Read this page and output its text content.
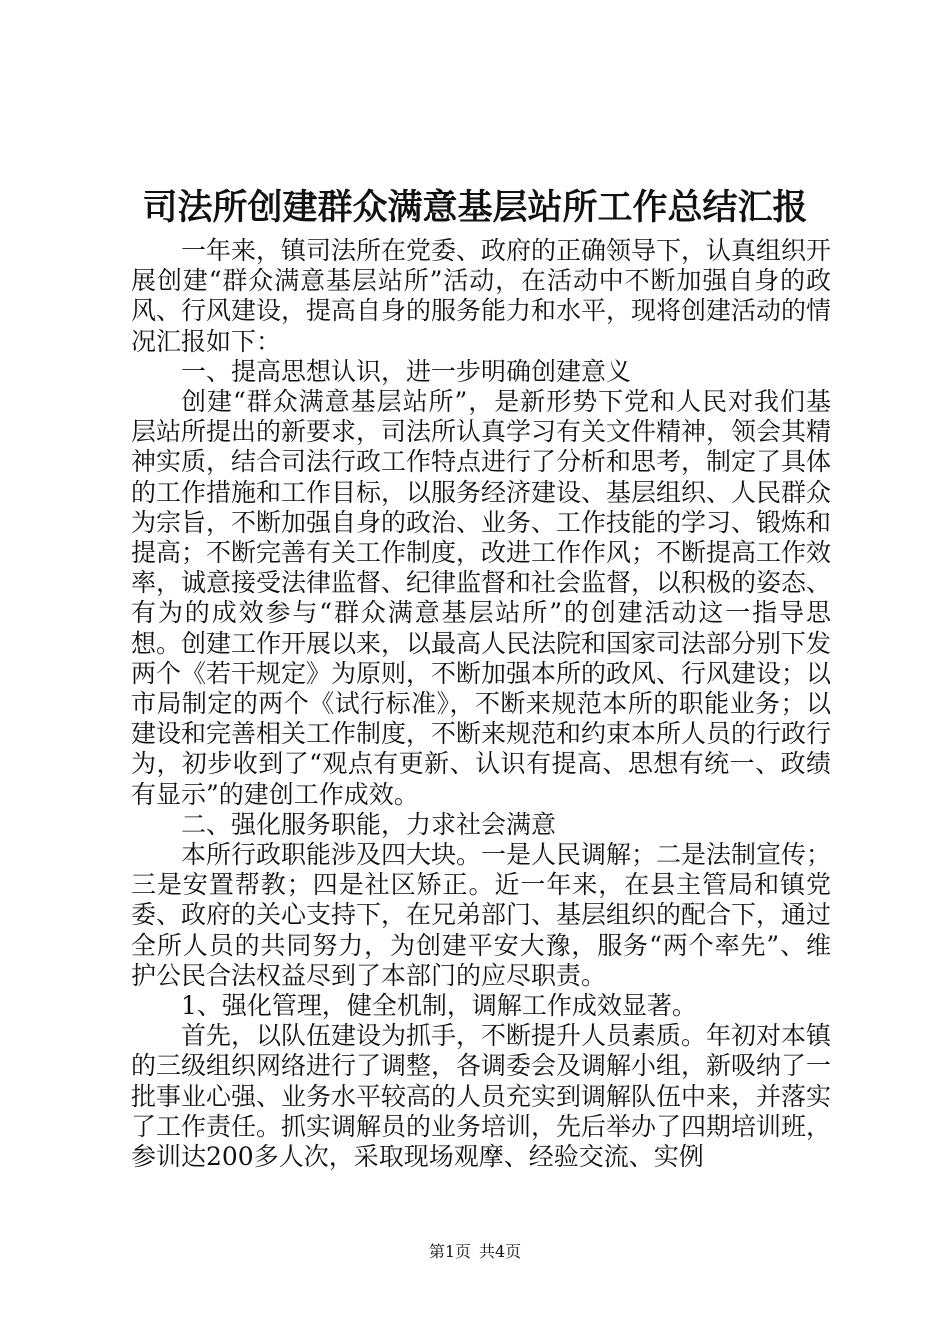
司法所创建群众满意基层站所工作总结汇报

一年来，镇司法所在党委、政府的正确领导下，认真组织开展创建“群众满意基层站所”活动，在活动中不断加强自身的政风、行风建设，提高自身的服务能力和水平，现将创建活动的情况汇报如下：

一、提高思想认识，进一步明确创建意义

创建“群众满意基层站所”，是新形势下党和人民对我们基层站所提出的新要求，司法所认真学习有关文件精神，领会其精神实质，结合司法行政工作特点进行了分析和思考，制定了具体的工作措施和工作目标，以服务经济建设、基层组织、人民群众为宗旨，不断加强自身的政治、业务、工作技能的学习、锻炼和提高；不断完善有关工作制度，改进工作作风；不断提高工作效率，诚意接受法律监督、纪律监督和社会监督，以积极的姿态、有为的成效参与“群众满意基层站所”的创建活动这一指导思想。创建工作开展以来，以最高人民法院和国家司法部分别下发两个《若干规定》为原则，不断加强本所的政风、行风建设；以市局制定的两个《试行标准》，不断来规范本所的职能业务；以建设和完善相关工作制度，不断来规范和约束本所人员的行政行为，初步收到了“观点有更新、认识有提高、思想有统一、政绩有显示”的建创工作成效。

二、强化服务职能，力求社会满意

本所行政职能涉及四大块。一是人民调解；二是法制宣传；三是安置帮教；四是社区矫正。近一年来，在县主管局和镇党委、政府的关心支持下，在兄弟部门、基层组织的配合下，通过全所人员的共同努力，为创建平安大豫，服务“两个率先”、维护公民合法权益尽到了本部门的应尽职责。

1、强化管理，健全机制，调解工作成效显著。

首先，以队伍建设为抓手，不断提升人员素质。年初对本镇的三级组织网络进行了调整，各调委会及调解小组，新吸纳了一批事业心强、业务水平较高的人员充实到调解队伍中来，并落实了工作责任。抓实调解员的业务培训，先后举办了四期培训班，参训达200多人次，采取现场观摩、经验交流、实例

第1页 共4页
